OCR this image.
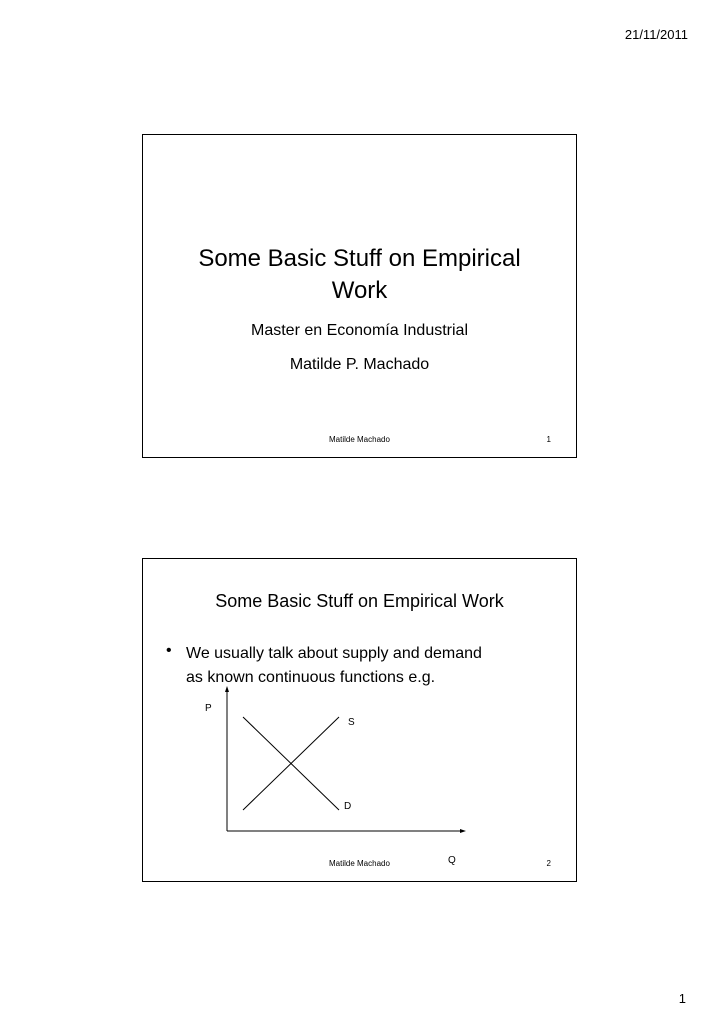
21/11/2011
Some Basic Stuff on Empirical
Work
Master en Economía Industrial
Matilde P. Machado
Matilde Machado	1
Some Basic Stuff on Empirical Work
• We usually talk about supply and demand
as known continuous functions e.g.
P
Q
S
D
Matilde Machado	2
1
